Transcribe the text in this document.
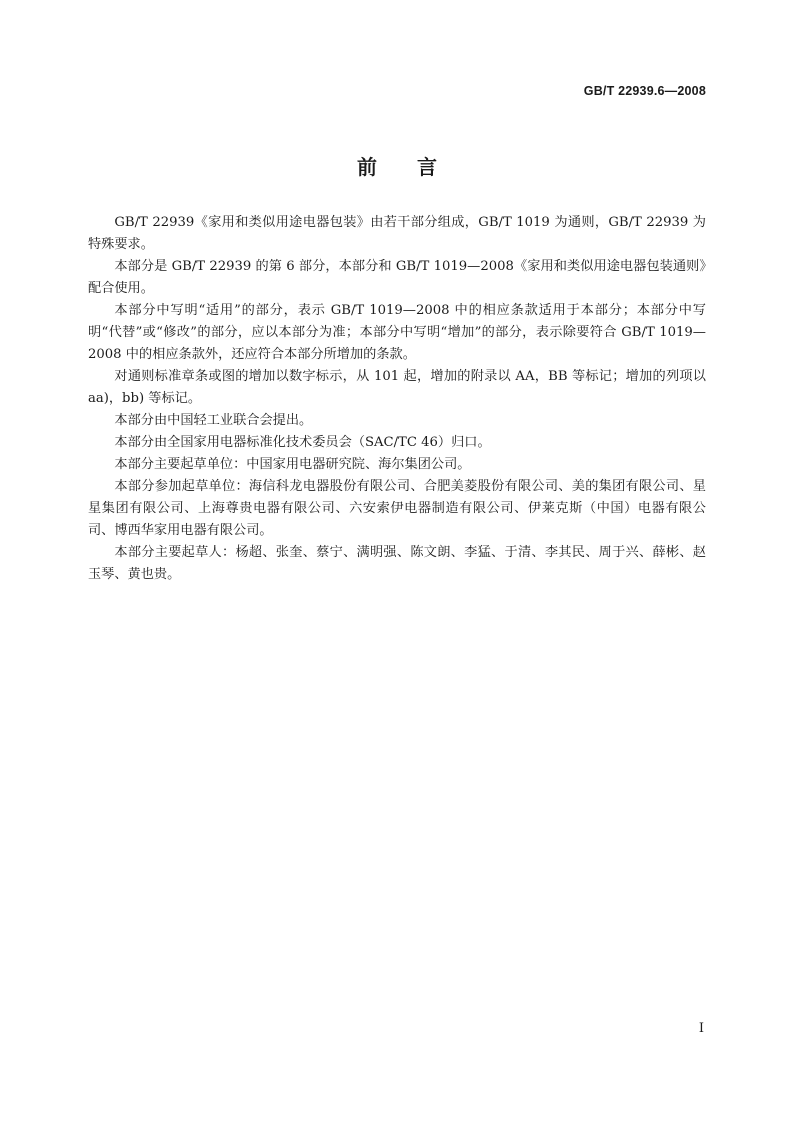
GB/T 22939.6—2008
前言

GB/T 22939《家用和类似用途电器包装》由若干部分组成，GB/T 1019 为通则，GB/T 22939 为特殊要求。

本部分是 GB/T 22939 的第 6 部分，本部分和 GB/T 1019—2008《家用和类似用途电器包装通则》配合使用。

本部分中写明“适用”的部分，表示 GB/T 1019—2008 中的相应条款适用于本部分；本部分中写明“代替”或“修改”的部分，应以本部分为准；本部分中写明“增加”的部分，表示除要符合 GB/T 1019—2008 中的相应条款外，还应符合本部分所增加的条款。

对通则标准章条或图的增加以数字标示，从 101 起，增加的附录以 AA，BB 等标记；增加的列项以 aa)，bb) 等标记。

本部分由中国轻工业联合会提出。

本部分由全国家用电器标准化技术委员会（SAC/TC 46）归口。

本部分主要起草单位：中国家用电器研究院、海尔集团公司。

本部分参加起草单位：海信科龙电器股份有限公司、合肥美菱股份有限公司、美的集团有限公司、星星集团有限公司、上海尊贵电器有限公司、六安索伊电器制造有限公司、伊莱克斯（中国）电器有限公司、博西华家用电器有限公司。

本部分主要起草人：杨超、张奎、蔡宁、满明强、陈文朗、李猛、于清、李其民、周于兴、薛彬、赵玉琴、黄也贵。

I
